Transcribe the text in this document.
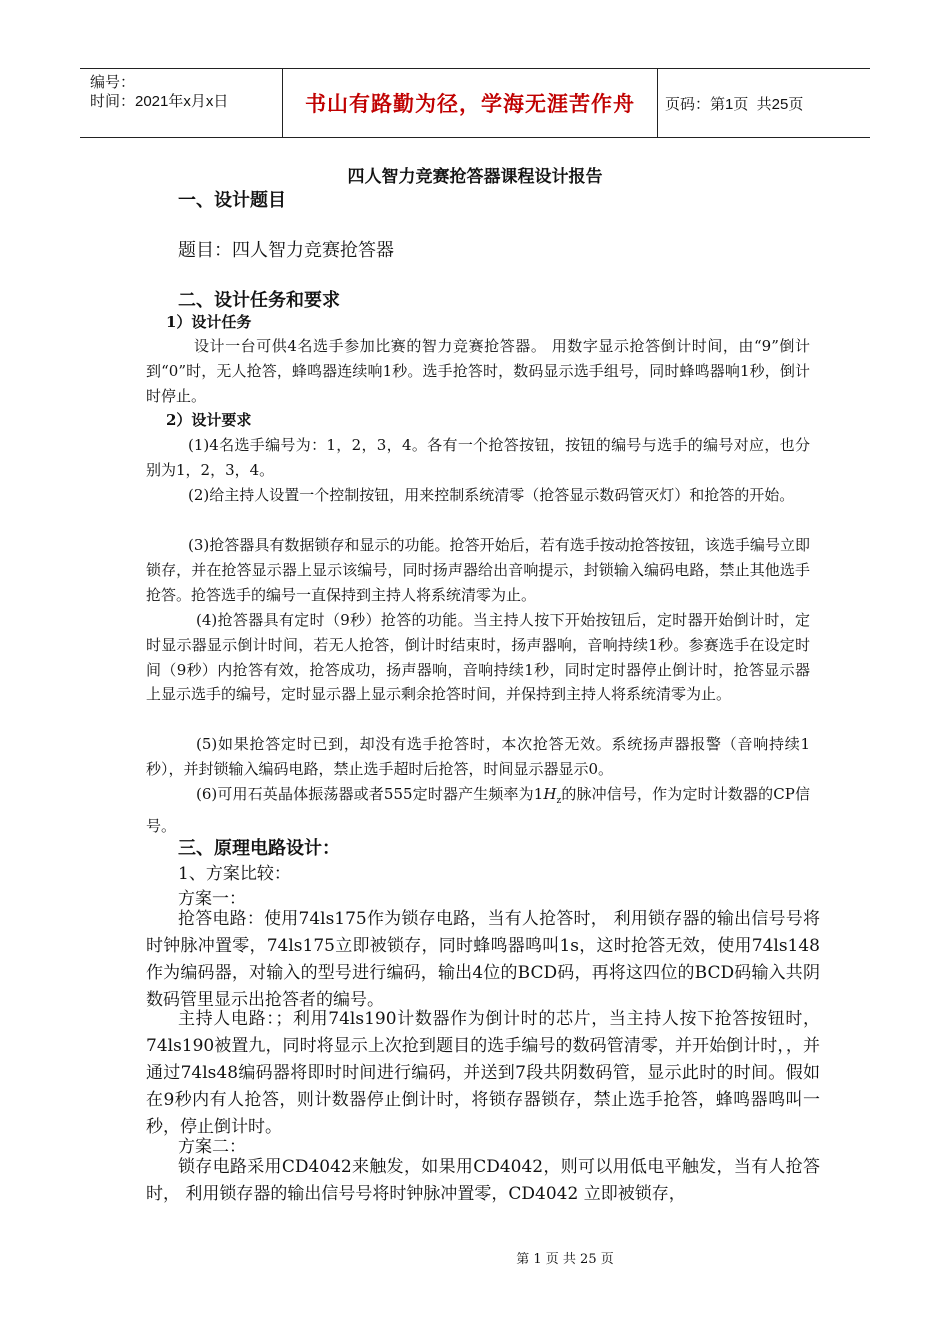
编号：
时间：2021年x月x日	书山有路勤为径，学海无涯苦作舟	页码：第1页  共25页
四人智力竞赛抢答器课程设计报告
一、设计题目
题目：四人智力竞赛抢答器
二、设计任务和要求
1）设计任务
设计一台可供4名选手参加比赛的智力竞赛抢答器。 用数字显示抢答倒计时间，由“9”倒计到“0”时，无人抢答，蜂鸣器连续响1秒。选手抢答时，数码显示选手组号，同时蜂鸣器响1秒，倒计时停止。
2）设计要求
(1)4名选手编号为：1，2，3，4。各有一个抢答按钮，按钮的编号与选手的编号对应，也分别为1，2，3，4。
(2)给主持人设置一个控制按钮，用来控制系统清零（抢答显示数码管灭灯）和抢答的开始。
(3)抢答器具有数据锁存和显示的功能。抢答开始后，若有选手按动抢答按钮，该选手编号立即锁存，并在抢答显示器上显示该编号，同时扬声器给出音响提示，封锁输入编码电路，禁止其他选手抢答。抢答选手的编号一直保持到主持人将系统清零为止。
(4)抢答器具有定时（9秒）抢答的功能。当主持人按下开始按钮后，定时器开始倒计时，定时显示器显示倒计时间，若无人抢答，倒计时结束时，扬声器响，音响持续1秒。参赛选手在设定时间（9秒）内抢答有效，抢答成功，扬声器响，音响持续1秒，同时定时器停止倒计时，抢答显示器上显示选手的编号，定时显示器上显示剩余抢答时间，并保持到主持人将系统清零为止。
(5)如果抢答定时已到，却没有选手抢答时，本次抢答无效。系统扬声器报警（音响持续1秒），并封锁输入编码电路，禁止选手超时后抢答，时间显示器显示0。
(6)可用石英晶体振荡器或者555定时器产生频率为$1H_z$的脉冲信号，作为定时计数器的CP信号。
三、原理电路设计：
1、方案比较：
方案一：
抢答电路：使用74ls175作为锁存电路，当有人抢答时， 利用锁存器的输出信号号将时钟脉冲置零，74ls175立即被锁存，同时蜂鸣器鸣叫1s，这时抢答无效，使用74ls148作为编码器，对输入的型号进行编码，输出4位的BCD码，再将这四位的BCD码输入共阴数码管里显示出抢答者的编号。
主持人电路：；利用74ls190计数器作为倒计时的芯片，当主持人按下抢答按钮时，74ls190被置九，同时将显示上次抢到题目的选手编号的数码管清零，并开始倒计时，，并通过74ls48编码器将即时时间进行编码，并送到7段共阴数码管，显示此时的时间。假如在9秒内有人抢答，则计数器停止倒计时，将锁存器锁存，禁止选手抢答，蜂鸣器鸣叫一秒，停止倒计时。
方案二：
锁存电路采用CD4042来触发，如果用CD4042，则可以用低电平触发，当有人抢答时， 利用锁存器的输出信号号将时钟脉冲置零，CD4042 立即被锁存，
第 1 页 共 25 页
